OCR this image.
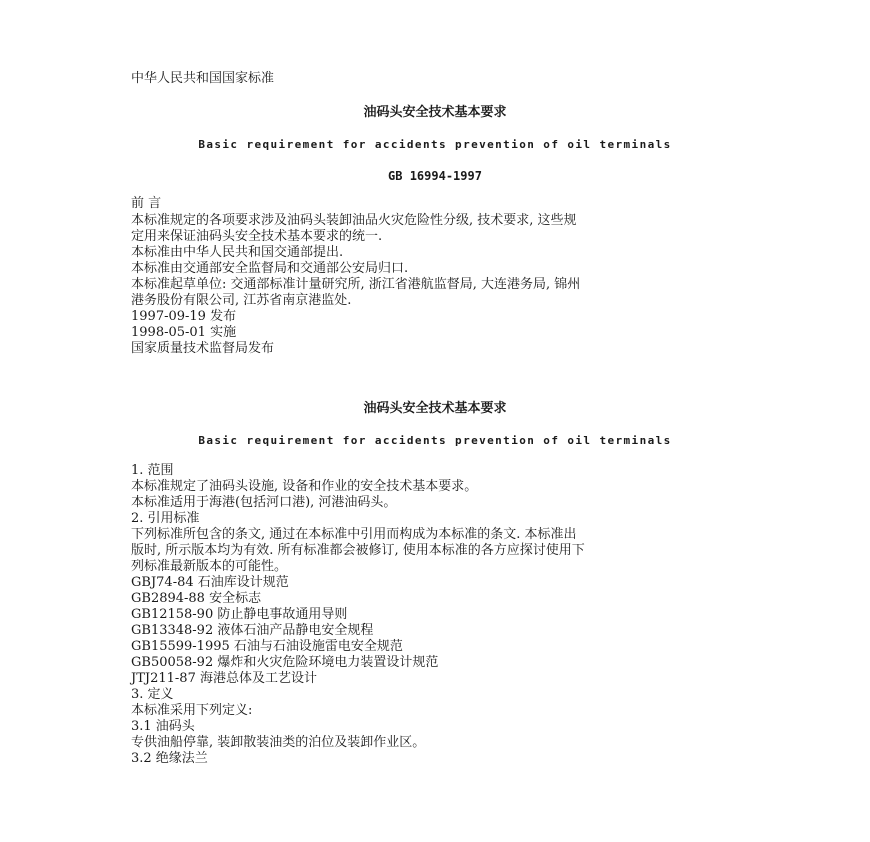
中华人民共和国国家标准
油码头安全技术基本要求
Basic requirement for accidents prevention of oil terminals
GB 16994-1997
前 言
本标准规定的各项要求涉及油码头装卸油品火灾危险性分级, 技术要求, 这些规
定用来保证油码头安全技术基本要求的统一.
本标准由中华人民共和国交通部提出.
本标准由交通部安全监督局和交通部公安局归口.
本标准起草单位: 交通部标准计量研究所, 浙江省港航监督局, 大连港务局, 锦州
港务股份有限公司, 江苏省南京港监处.
1997-09-19 发布
1998-05-01 实施
国家质量技术监督局发布
油码头安全技术基本要求
Basic requirement for accidents prevention of oil terminals
1. 范围
本标准规定了油码头设施, 设备和作业的安全技术基本要求。
本标准适用于海港(包括河口港), 河港油码头。
2. 引用标准
下列标准所包含的条文, 通过在本标准中引用而构成为本标准的条文. 本标准出
版时, 所示版本均为有效. 所有标准都会被修订, 使用本标准的各方应探讨使用下
列标准最新版本的可能性。
GBJ74-84 石油库设计规范
GB2894-88 安全标志
GB12158-90 防止静电事故通用导则
GB13348-92 液体石油产品静电安全规程
GB15599-1995 石油与石油设施雷电安全规范
GB50058-92 爆炸和火灾危险环境电力装置设计规范
JTJ211-87 海港总体及工艺设计
3. 定义
本标准采用下列定义:
3.1 油码头
专供油船停靠, 装卸散装油类的泊位及装卸作业区。
3.2 绝缘法兰
